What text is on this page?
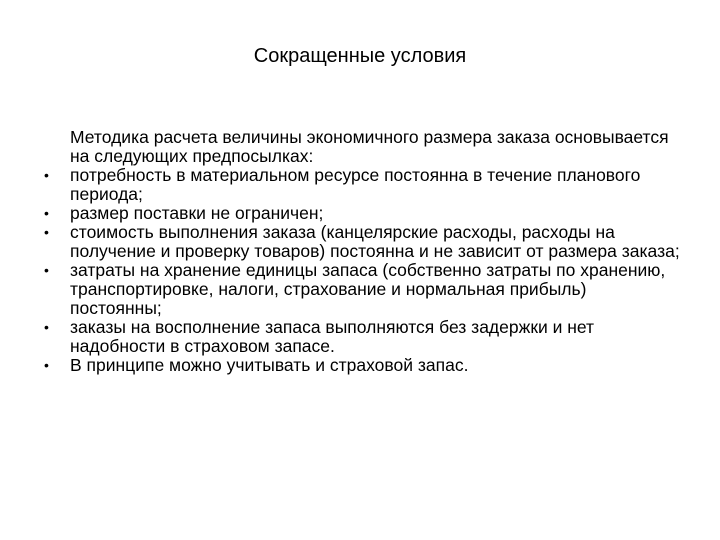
Сокращенные условия

Методика расчета величины экономичного размера заказа основывается на следующих предпосылках:

•	потребность в материальном ресурсе постоянна в течение планового периода;
•	размер поставки не ограничен;
•	стоимость выполнения заказа (канцелярские расходы, расходы на получение и проверку товаров) постоянна и не зависит от размера заказа;
•	затраты на хранение единицы запаса (собственно затраты по хранению, транспортировке, налоги, страхование и нормальная прибыль) постоянны;
•	заказы на восполнение запаса выполняются без задержки и нет надобности в страховом запасе.
•	В принципе можно учитывать и страховой запас.
